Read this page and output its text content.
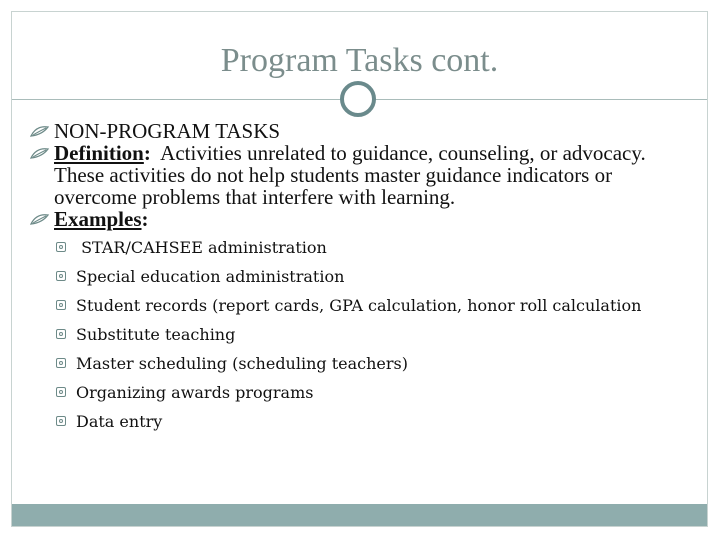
Program Tasks cont.
NON-PROGRAM TASKS
Definition:  Activities unrelated to guidance, counseling, or advocacy.  These activities do not help students master guidance indicators or overcome problems that interfere with learning.
Examples:
STAR/CAHSEE administration
Special education administration
Student records (report cards, GPA calculation, honor roll calculation
Substitute teaching
Master scheduling (scheduling teachers)
Organizing awards programs
Data entry
